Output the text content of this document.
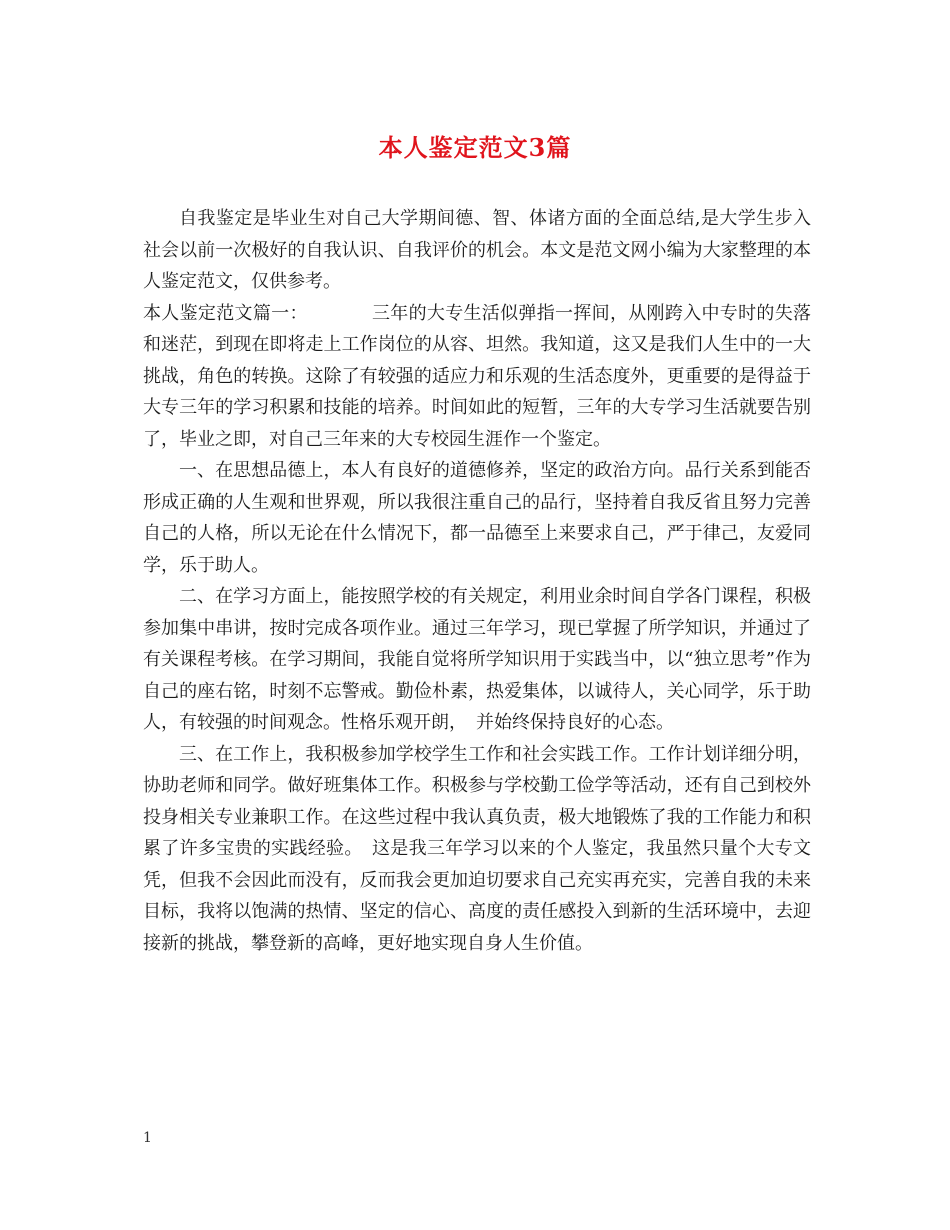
本人鉴定范文3篇

自我鉴定是毕业生对自己大学期间德、智、体诸方面的全面总结,是大学生步入社会以前一次极好的自我认识、自我评价的机会。本文是范文网小编为大家整理的本人鉴定范文，仅供参考。

本人鉴定范文篇一：　　　　三年的大专生活似弹指一挥间，从刚跨入中专时的失落和迷茫，到现在即将走上工作岗位的从容、坦然。我知道，这又是我们人生中的一大挑战，角色的转换。这除了有较强的适应力和乐观的生活态度外，更重要的是得益于大专三年的学习积累和技能的培养。时间如此的短暂，三年的大专学习生活就要告别了，毕业之即，对自己三年来的大专校园生涯作一个鉴定。

一、在思想品德上，本人有良好的道德修养，坚定的政治方向。品行关系到能否形成正确的人生观和世界观，所以我很注重自己的品行，坚持着自我反省且努力完善自己的人格，所以无论在什么情况下，都一品德至上来要求自己，严于律己，友爱同学，乐于助人。

二、在学习方面上，能按照学校的有关规定，利用业余时间自学各门课程，积极参加集中串讲，按时完成各项作业。通过三年学习，现已掌握了所学知识，并通过了有关课程考核。在学习期间，我能自觉将所学知识用于实践当中，以“独立思考”作为自己的座右铭，时刻不忘警戒。勤俭朴素，热爱集体，以诚待人，关心同学，乐于助人，有较强的时间观念。性格乐观开朗，　并始终保持良好的心态。

三、在工作上，我积极参加学校学生工作和社会实践工作。工作计划详细分明，协助老师和同学。做好班集体工作。积极参与学校勤工俭学等活动，还有自己到校外投身相关专业兼职工作。在这些过程中我认真负责，极大地锻炼了我的工作能力和积累了许多宝贵的实践经验。　这是我三年学习以来的个人鉴定，我虽然只量个大专文凭，但我不会因此而没有，反而我会更加迫切要求自己充实再充实，完善自我的未来目标，我将以饱满的热情、坚定的信心、高度的责任感投入到新的生活环境中，去迎接新的挑战，攀登新的高峰，更好地实现自身人生价值。

1
